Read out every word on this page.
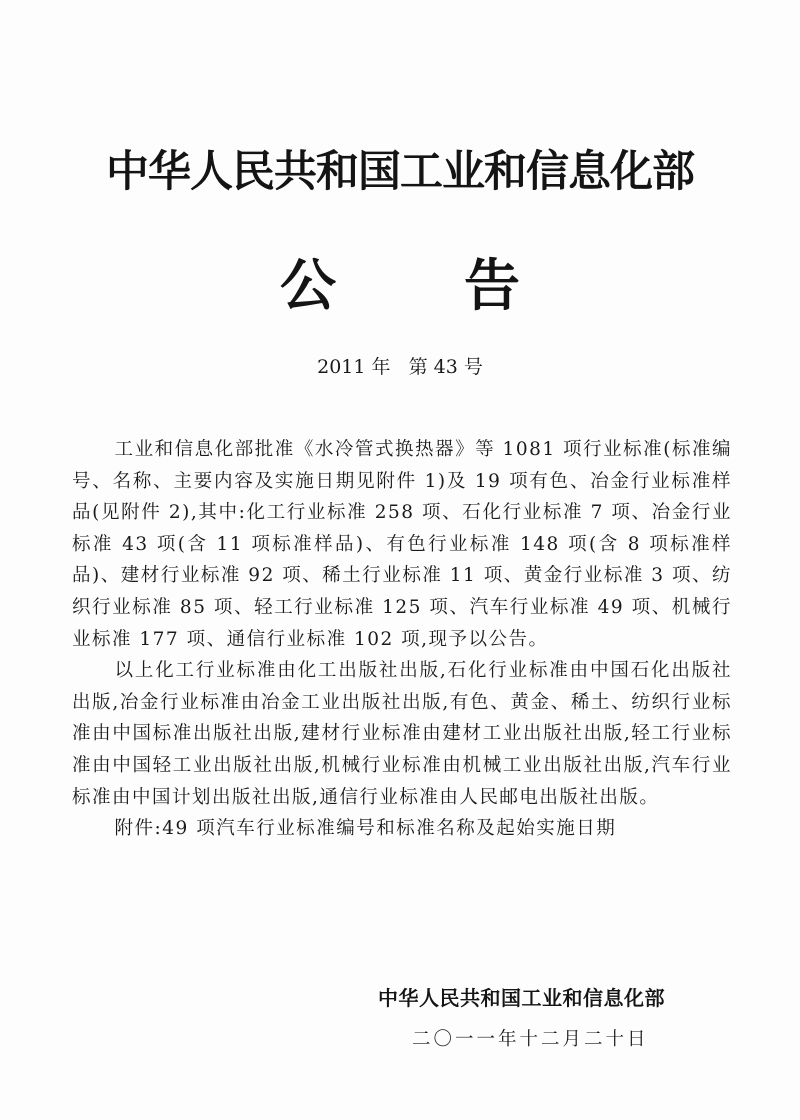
中华人民共和国工业和信息化部
公告
2011 年   第 43 号

工业和信息化部批准《水冷管式换热器》等 1081 项行业标准(标准编号、名称、主要内容及实施日期见附件 1)及 19 项有色、冶金行业标准样品(见附件 2),其中:化工行业标准 258 项、石化行业标准 7 项、冶金行业标准 43 项(含 11 项标准样品)、有色行业标准 148 项(含 8 项标准样品)、建材行业标准 92 项、稀土行业标准 11 项、黄金行业标准 3 项、纺织行业标准 85 项、轻工行业标准 125 项、汽车行业标准 49 项、机械行业标准 177 项、通信行业标准 102 项,现予以公告。

以上化工行业标准由化工出版社出版,石化行业标准由中国石化出版社出版,冶金行业标准由冶金工业出版社出版,有色、黄金、稀土、纺织行业标准由中国标准出版社出版,建材行业标准由建材工业出版社出版,轻工行业标准由中国轻工业出版社出版,机械行业标准由机械工业出版社出版,汽车行业标准由中国计划出版社出版,通信行业标准由人民邮电出版社出版。

附件:49 项汽车行业标准编号和标准名称及起始实施日期

中华人民共和国工业和信息化部
二〇一一年十二月二十日
